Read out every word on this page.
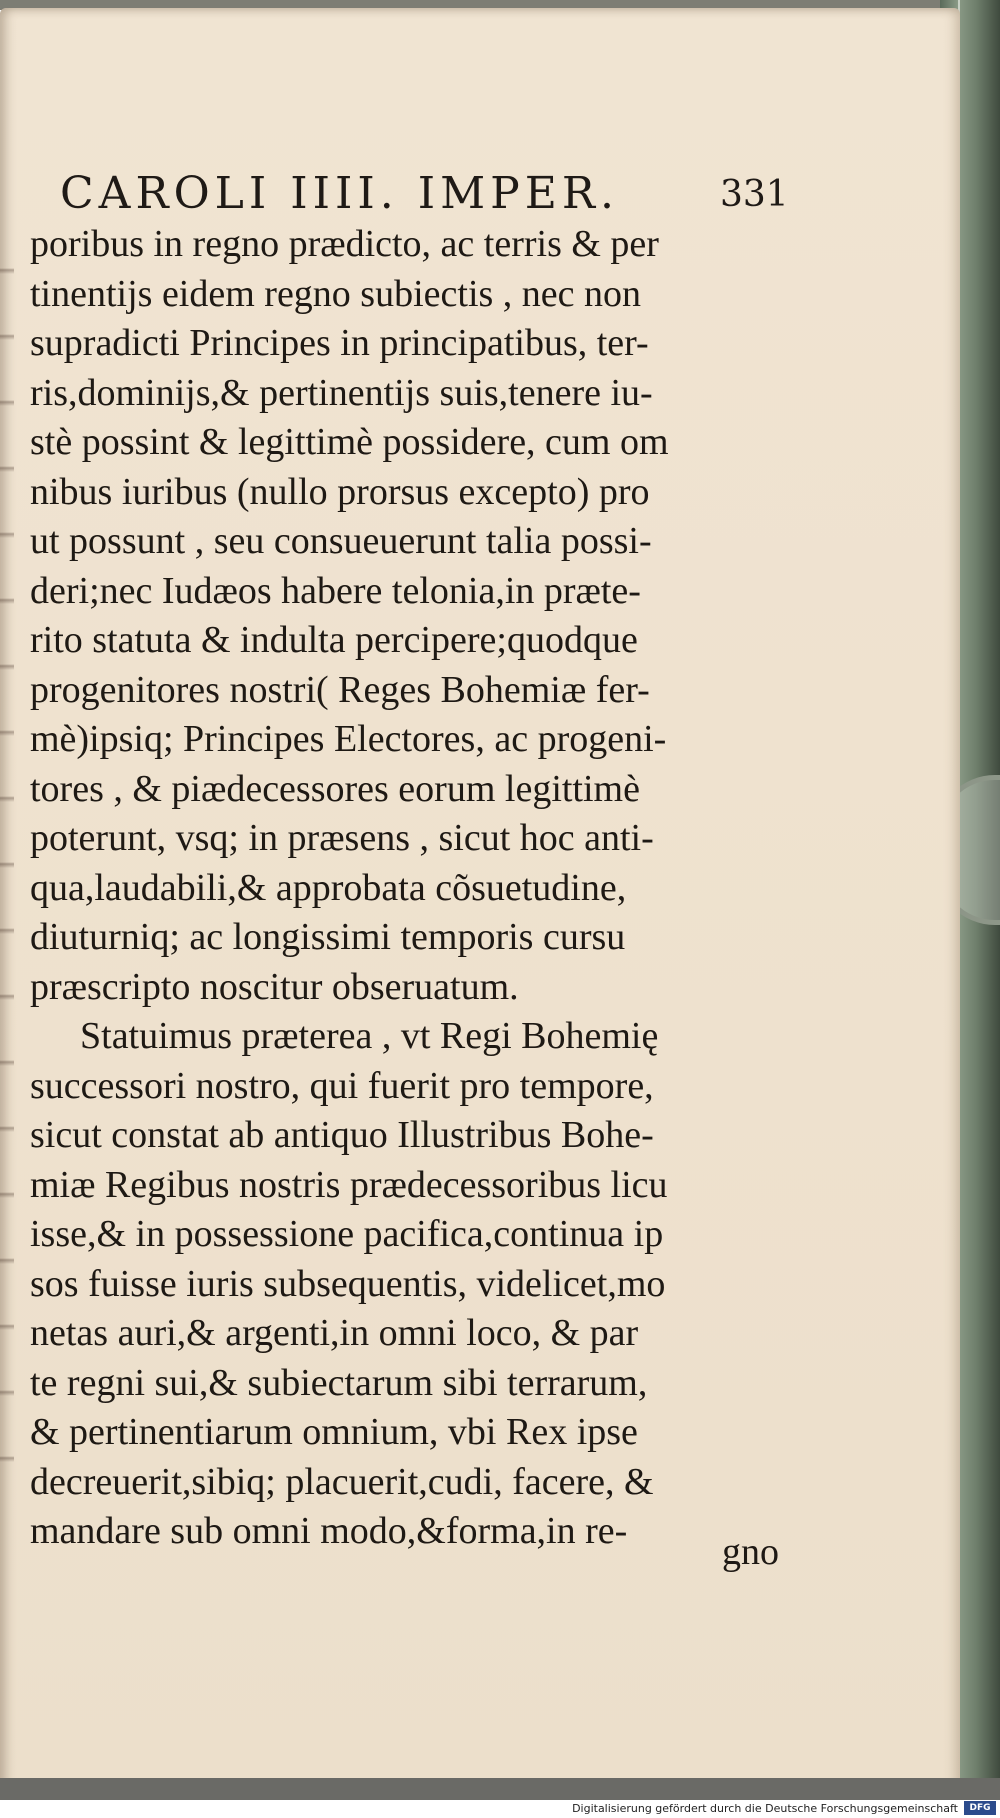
CAROLI IIII. IMPER.	331
poribus in regno prædicto, ac terris & per
tinentijs eidem regno subiectis , nec non
supradicti Principes in principatibus, ter-
ris,dominijs,& pertinentijs suis,tenere iu-
stè possint & legittimè possidere, cum om
nibus iuribus (nullo prorsus excepto) pro
ut possunt , seu consueuerunt talia possi-
deri;nec Iudæos habere telonia,in præte-
rito statuta & indulta percipere;quodque
progenitores nostri( Reges Bohemiæ fer-
mè)ipsiq; Principes Electores, ac progeni-
tores , & piædecessores eorum legittimè
poterunt, vsq; in præsens , sicut hoc anti-
qua,laudabili,& approbata cõsuetudine,
diuturniq; ac longissimi temporis cursu
præscripto noscitur obseruatum.
Statuimus præterea , vt Regi Bohemię
successori nostro, qui fuerit pro tempore,
sicut constat ab antiquo Illustribus Bohe-
miæ Regibus nostris prædecessoribus licu
isse,& in possessione pacifica,continua ip
sos fuisse iuris subsequentis, videlicet,mo
netas auri,& argenti,in omni loco, & par
te regni sui,& subiectarum sibi terrarum,
& pertinentiarum omnium, vbi Rex ipse
decreuerit,sibiq; placuerit,cudi, facere, &
mandare sub omni modo,&forma,in re-	gno
Digitalisierung gefördert durch die Deutsche Forschungsgemeinschaft	DFG
